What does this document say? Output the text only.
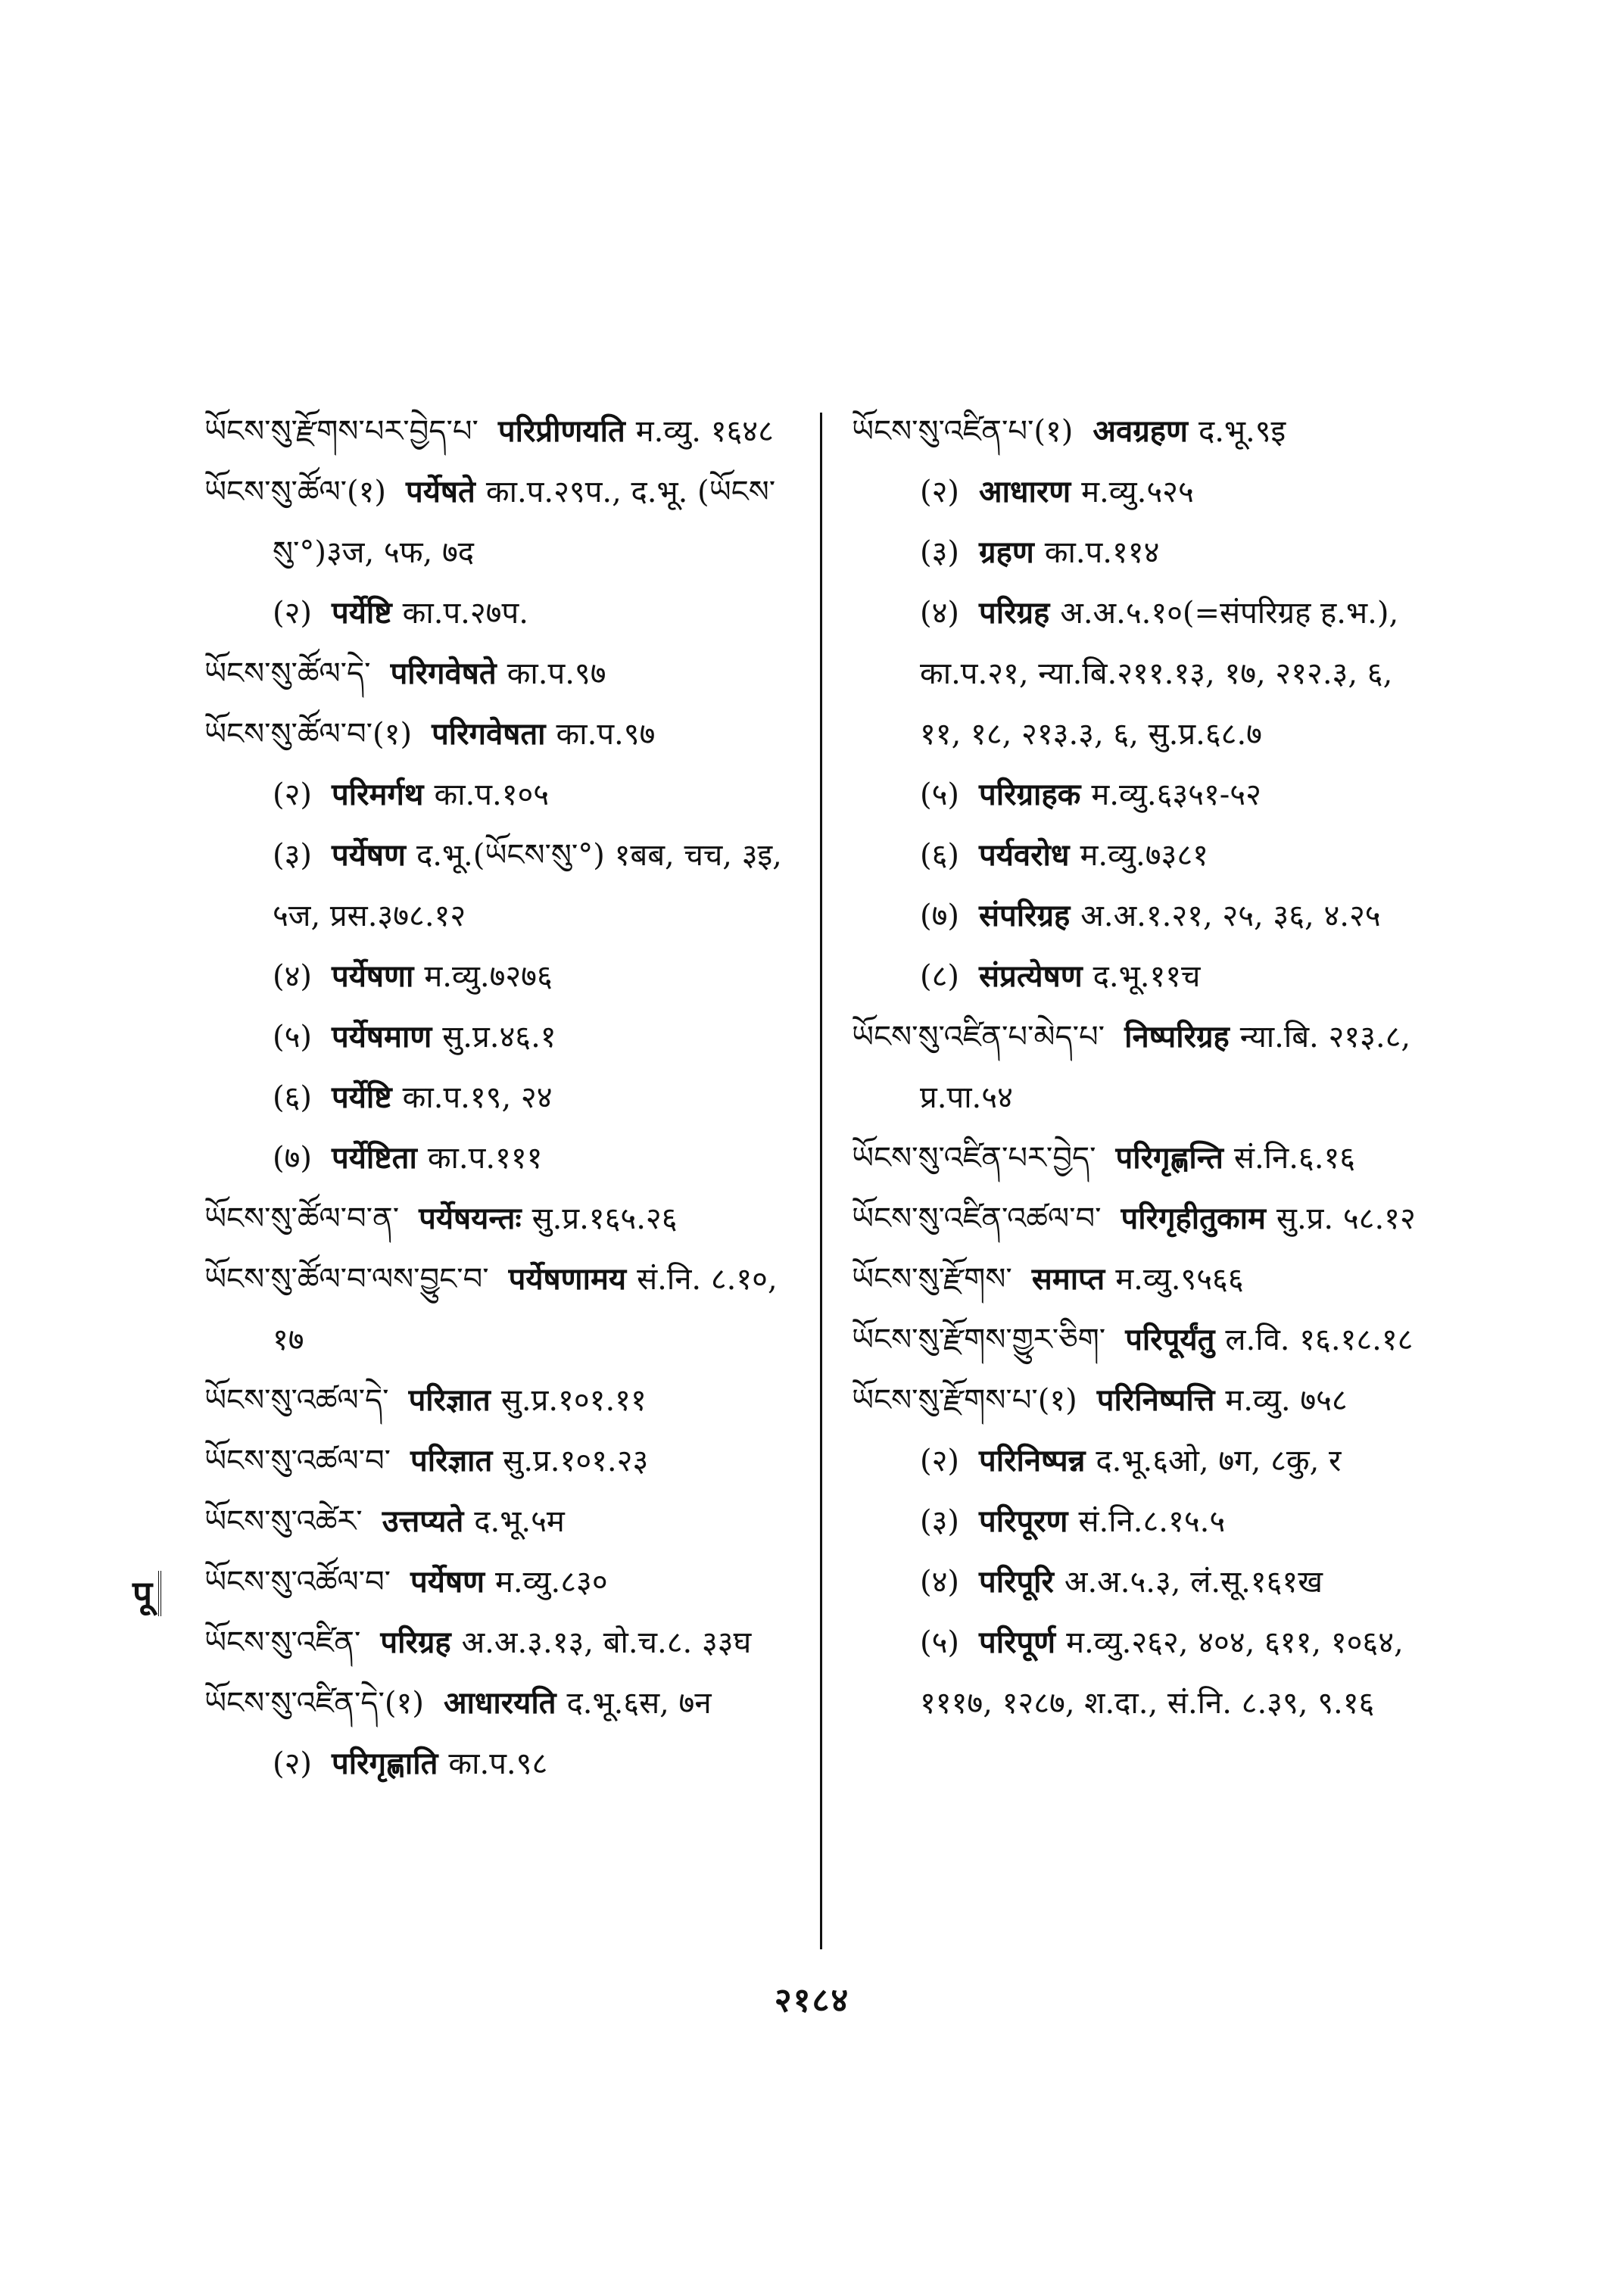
ཡོངས་སུ་རྫོགས་པར་བྱེད་པ་ परिप्रीणयति म.व्यु. १६४८

ཡོངས་སུ་ཚོལ་(१) पर्येषते का.प.२९प., द.भू. (ཡོངས་སུ་°)३ज, ५फ, ७द

(२) पर्येष्टि का.प.२७प.

ཡོངས་སུ་ཚོལ་དེ་ परिगवेषते का.प.९७

ཡོངས་སུ་ཚོལ་བ་(१) परिगवेषता का.प.९७

(२) परिमर्गथ का.प.१०५

(३) पर्येषण द.भू.(ཡོངས་སུ་°) १बब, चच, ३इ, ५ज, प्रस.३७८.१२

(४) पर्येषणा म.व्यु.७२७६

(५) पर्येषमाण सु.प्र.४६.१

(६) पर्येष्टि का.प.१९, २४

(७) पर्येष्टिता का.प.१११

ཡོངས་སུ་ཚོལ་བ་ན་ पर्येषयन्तः सु.प्र.१६५.२६

ཡོངས་སུ་ཚོལ་བ་ལས་བྱུང་བ་ पर्येषणामय सं.नि. ८.१०, १७

ཡོངས་སུ་འཚལ་དེ་ परिज्ञात सु.प्र.१०१.११

ཡོངས་སུ་འཚལ་བ་ परिज्ञात सु.प्र.१०१.२३

ཡོངས་སུ་འཚེར་ उत्तप्यते द.भू.५म

ཡོངས་སུ་འཚོལ་བ་ पर्येषण म.व्यु.८३०

ཡོངས་སུ་འཛིན་ परिग्रह अ.अ.३.१३, बो.च.८. ३३घ

ཡོངས་སུ་འཛིན་དེ་(१) आधारयति द.भू.६स, ७न

(२) परिगृह्णाति का.प.९८

ཡོངས་སུ་འཛིན་པ་(१) अवग्रहण द.भू.९इ

(२) आधारण म.व्यु.५२५

(३) ग्रहण का.प.११४

(४) परिग्रह अ.अ.५.१०(=संपरिग्रह ह.भ.), का.प.२१, न्या.बि.२११.१३, १७, २१२.३, ६, ११, १८, २१३.३, ६, सु.प्र.६८.७

(५) परिग्राहक म.व्यु.६३५१-५२

(६) पर्यवरोध म.व्यु.७३८१

(७) संपरिग्रह अ.अ.१.२१, २५, ३६, ४.२५

(८) संप्रत्येषण द.भू.११च

ཡོངས་སུ་འཛིན་པ་མེད་པ་ निष्परिग्रह न्या.बि. २१३.८, प्र.पा.५४

ཡོངས་སུ་འཛིན་པར་བྱེད་ परिगृह्णन्ति सं.नि.६.१६

ཡོངས་སུ་འཛིན་འཚལ་བ་ परिगृहीतुकाम सु.प्र. ५८.१२

ཡོངས་སུ་རྫོགས་ समाप्त म.व्यु.९५६६

ཡོངས་སུ་རྫོགས་གྱུར་ཅིག་ परिपूर्यंतु ल.वि. १६.१८.१८

ཡོངས་སུ་རྫོགས་པ་(१) परिनिष्पत्ति म.व्यु. ७५८

(२) परिनिष्पन्न द.भू.६ओ, ७ग, ८कु, र

(३) परिपूरण सं.नि.८.१५.५

(४) परिपूरि अ.अ.५.३, लं.सू.१६१ख

(५) परिपूर्ण म.व्यु.२६२, ४०४, ६११, १०६४, १११७, १२८७, श.दा., सं.नि. ८.३९, ९.१६

पू
२१८४
